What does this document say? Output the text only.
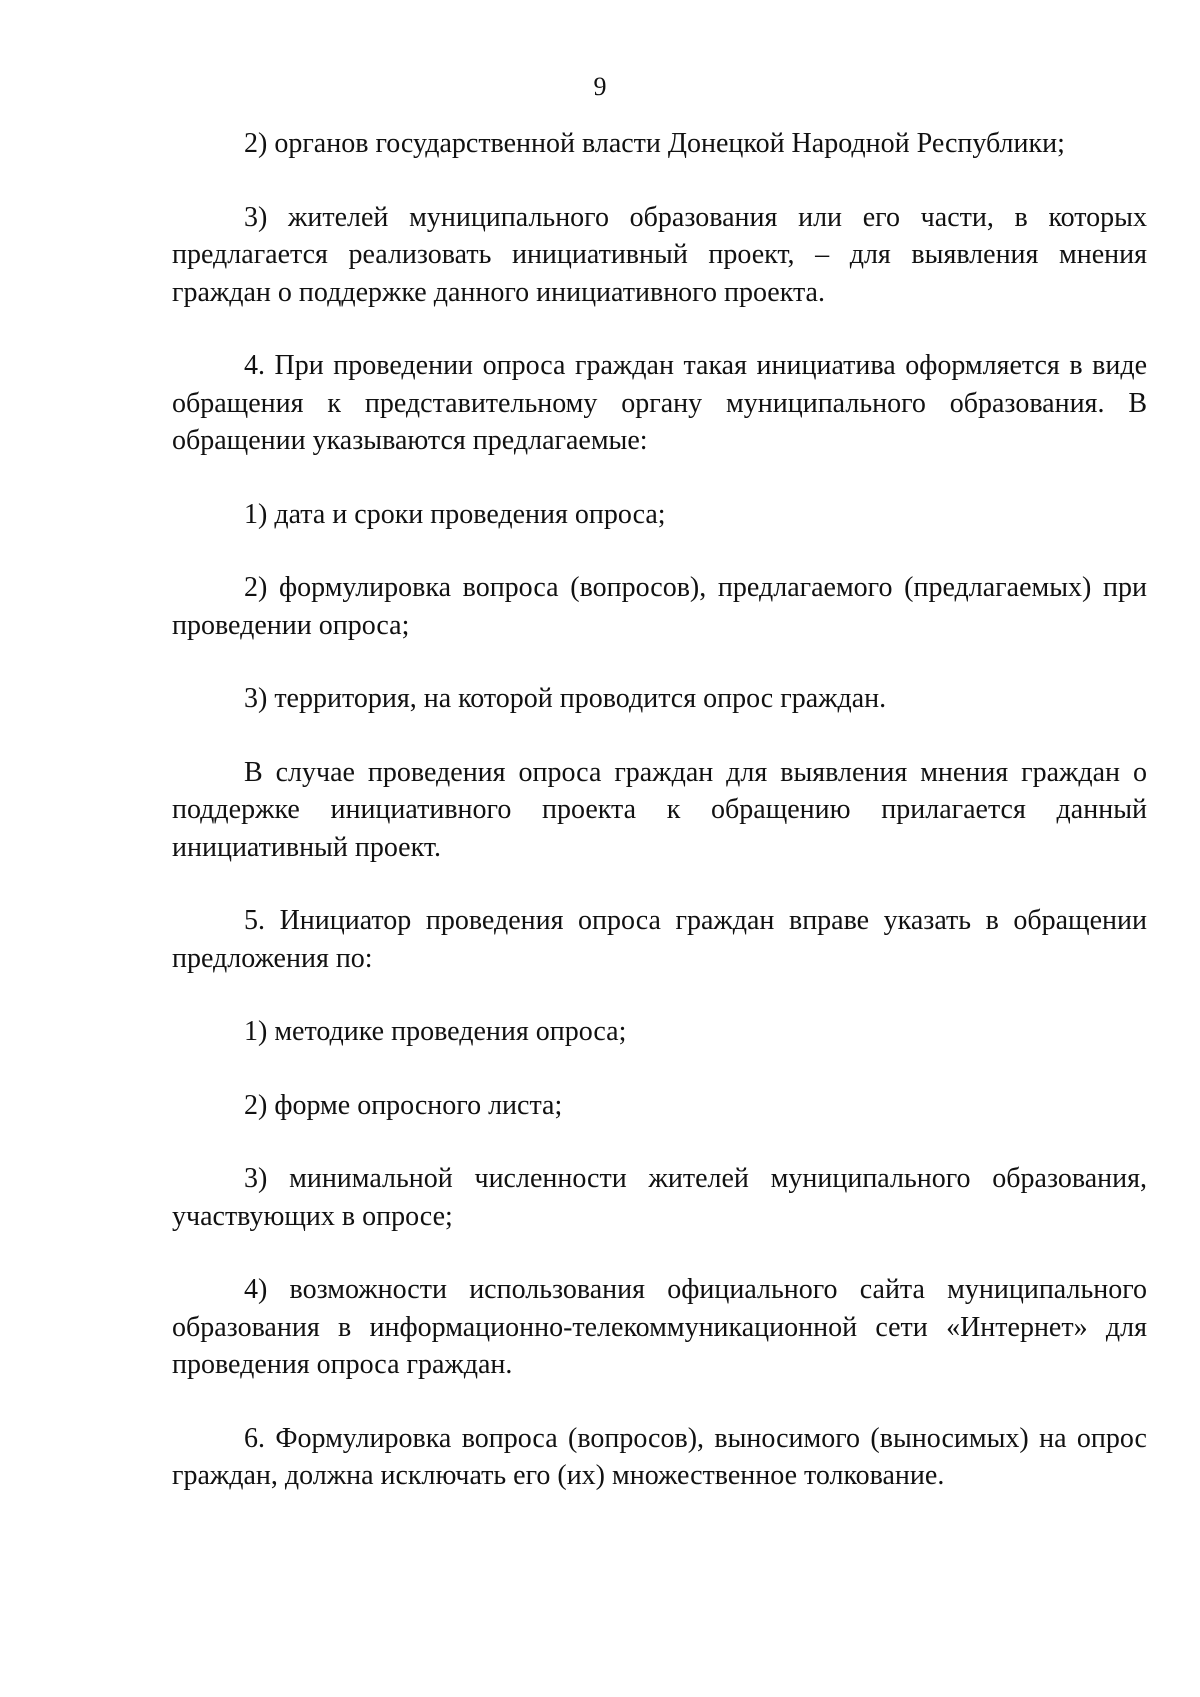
9

2) органов государственной власти Донецкой Народной Республики;

3) жителей муниципального образования или его части, в которых предлагается реализовать инициативный проект, – для выявления мнения граждан о поддержке данного инициативного проекта.

4. При проведении опроса граждан такая инициатива оформляется в виде обращения к представительному органу муниципального образования. В обращении указываются предлагаемые:

1) дата и сроки проведения опроса;

2) формулировка вопроса (вопросов), предлагаемого (предлагаемых) при проведении опроса;

3) территория, на которой проводится опрос граждан.

В случае проведения опроса граждан для выявления мнения граждан о поддержке инициативного проекта к обращению прилагается данный инициативный проект.

5. Инициатор проведения опроса граждан вправе указать в обращении предложения по:

1) методике проведения опроса;

2) форме опросного листа;

3) минимальной численности жителей муниципального образования, участвующих в опросе;

4) возможности использования официального сайта муниципального образования в информационно-телекоммуникационной сети «Интернет» для проведения опроса граждан.

6. Формулировка вопроса (вопросов), выносимого (выносимых) на опрос граждан, должна исключать его (их) множественное толкование.
